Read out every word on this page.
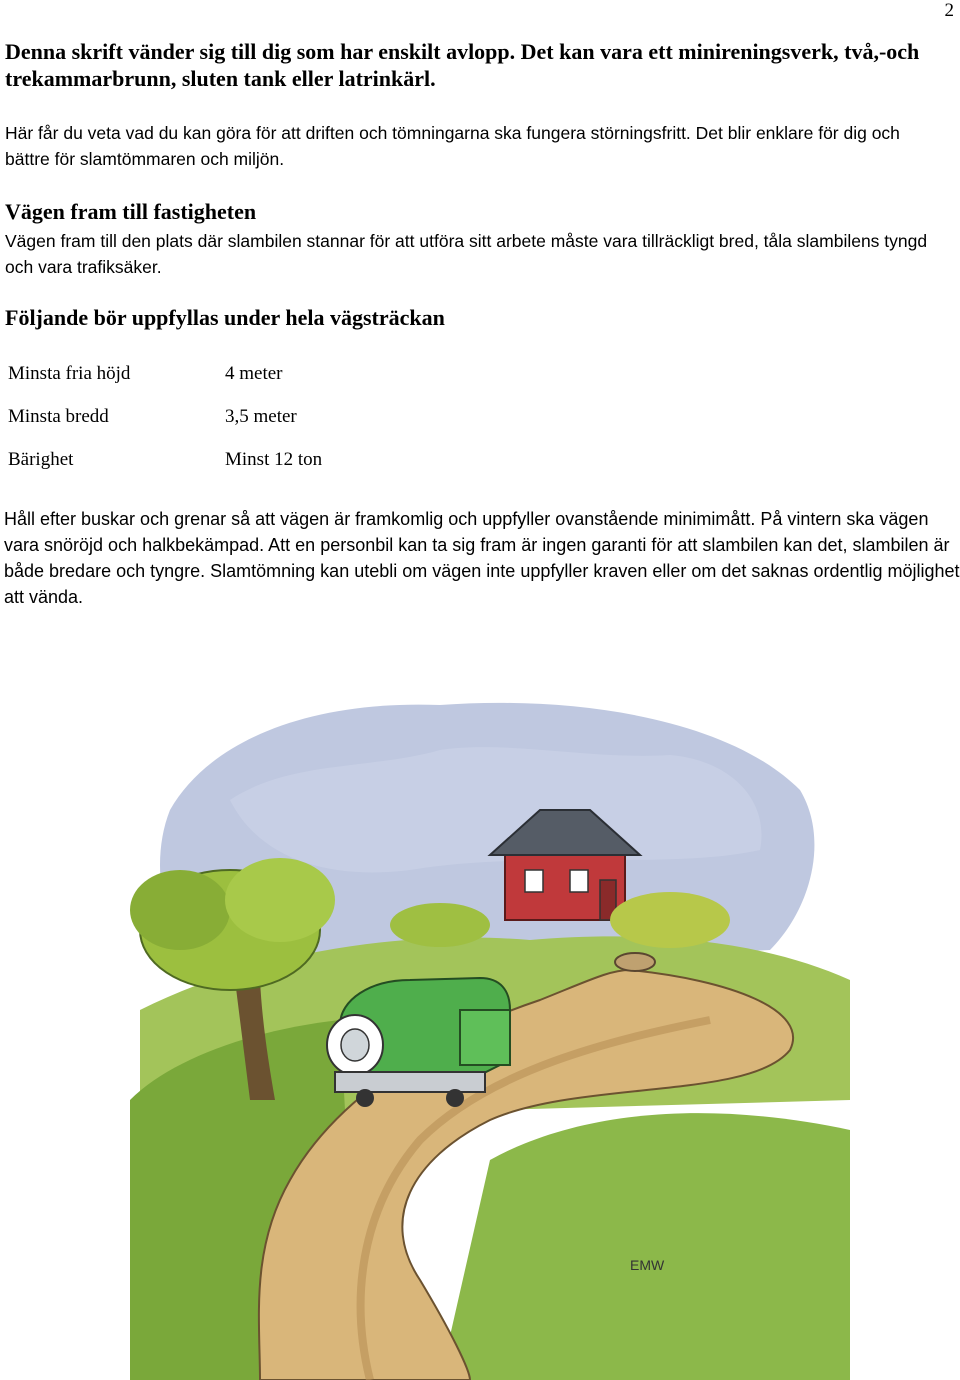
2

Denna skrift vänder sig till dig som har enskilt avlopp. Det kan vara ett minireningsverk, två,-och trekammarbrunn, sluten tank eller latrinkärl.

Här får du veta vad du kan göra för att driften och tömningarna ska fungera störningsfritt. Det blir enklare för dig och bättre för slamtömmaren och miljön.

Vägen fram till fastigheten

Vägen fram till den plats där slambilen stannar för att utföra sitt arbete måste vara tillräckligt bred, tåla slambilens tyngd och vara trafiksäker.

Följande bör uppfyllas under hela vägsträckan
Minsta fria höjd	4 meter
Minsta bredd	3,5 meter
Bärighet	Minst 12 ton

Håll efter buskar och grenar så att vägen är framkomlig och uppfyller ovanstående minimimått. På vintern ska vägen vara snöröjd och halkbekämpad. Att en personbil kan ta sig fram är ingen garanti för att slambilen kan det, slambilen är både bredare och tyngre. Slamtömning kan utebli om vägen inte uppfyller kraven eller om det saknas ordentlig möjlighet att vända.

EMW
